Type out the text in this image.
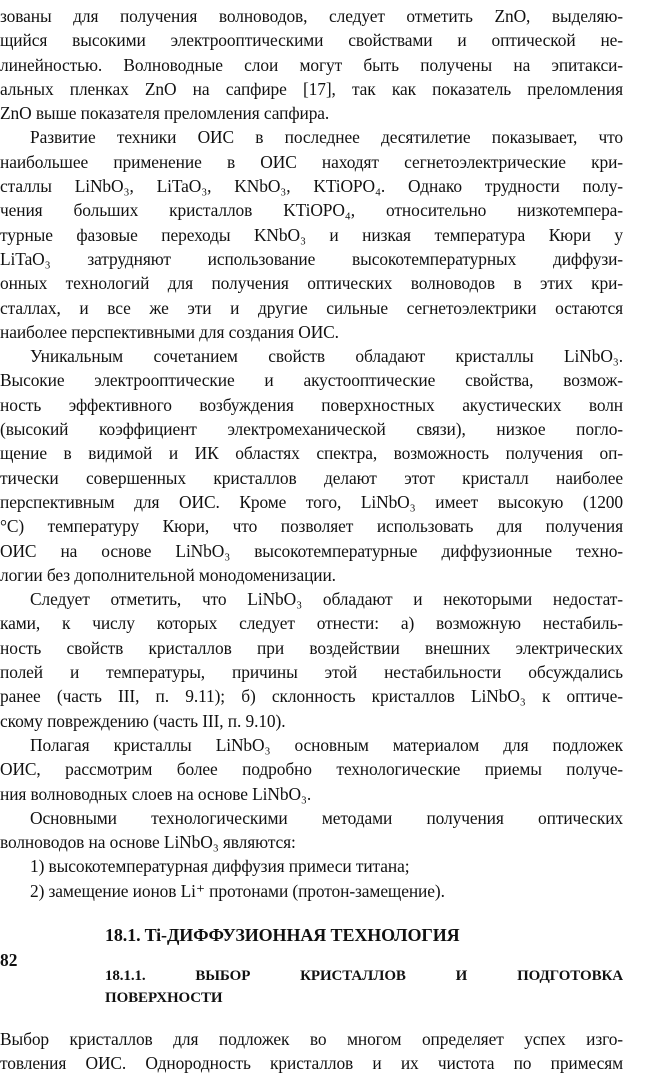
зованы для получения волноводов, следует отметить ZnO, выделяю-
щийся высокими электрооптическими свойствами и оптической не-
линейностью. Волноводные слои могут быть получены на эпитакси-
альных пленках ZnO на сапфире [17], так как показатель преломления
ZnO выше показателя преломления сапфира.
Развитие техники ОИС в последнее десятилетие показывает, что
наибольшее применение в ОИС находят сегнетоэлектрические кри-
сталлы LiNbO₃, LiTaO₃, KNbO₃, KTiOPO₄. Однако трудности полу-
чения больших кристаллов KTiOPO₄, относительно низкотемпера-
турные фазовые переходы KNbO₃ и низкая температура Кюри у
LiTaO₃ затрудняют использование высокотемпературных диффузи-
онных технологий для получения оптических волноводов в этих кри-
сталлах, и все же эти и другие сильные сегнетоэлектрики остаются
наиболее перспективными для создания ОИС.
Уникальным сочетанием свойств обладают кристаллы LiNbO₃.
Высокие электрооптические и акустооптические свойства, возмож-
ность эффективного возбуждения поверхностных акустических волн
(высокий коэффициент электромеханической связи), низкое погло-
щение в видимой и ИК областях спектра, возможность получения оп-
тически совершенных кристаллов делают этот кристалл наиболее
перспективным для ОИС. Кроме того, LiNbO₃ имеет высокую (1200
°С) температуру Кюри, что позволяет использовать для получения
ОИС на основе LiNbO₃ высокотемпературные диффузионные техно-
логии без дополнительной монодоменизации.
Следует отметить, что LiNbO₃ обладают и некоторыми недостат-
ками, к числу которых следует отнести: а) возможную нестабиль-
ность свойств кристаллов при воздействии внешних электрических
полей и температуры, причины этой нестабильности обсуждались
ранее (часть III, п. 9.11); б) склонность кристаллов LiNbO₃ к оптиче-
скому повреждению (часть III, п. 9.10).
Полагая кристаллы LiNbO₃ основным материалом для подложек
ОИС, рассмотрим более подробно технологические приемы получе-
ния волноводных слоев на основе LiNbO₃.
Основными технологическими методами получения оптических
волноводов на основе LiNbO₃ являются:
1) высокотемпературная диффузия примеси титана;
2) замещение ионов Li⁺ протонами (протон-замещение).
18.1. Ti-ДИФФУЗИОННАЯ ТЕХНОЛОГИЯ
18.1.1. ВЫБОР КРИСТАЛЛОВ И ПОДГОТОВКА
ПОВЕРХНОСТИ
Выбор кристаллов для подложек во многом определяет успех изго-
товления ОИС. Однородность кристаллов и их чистота по примесям
82
